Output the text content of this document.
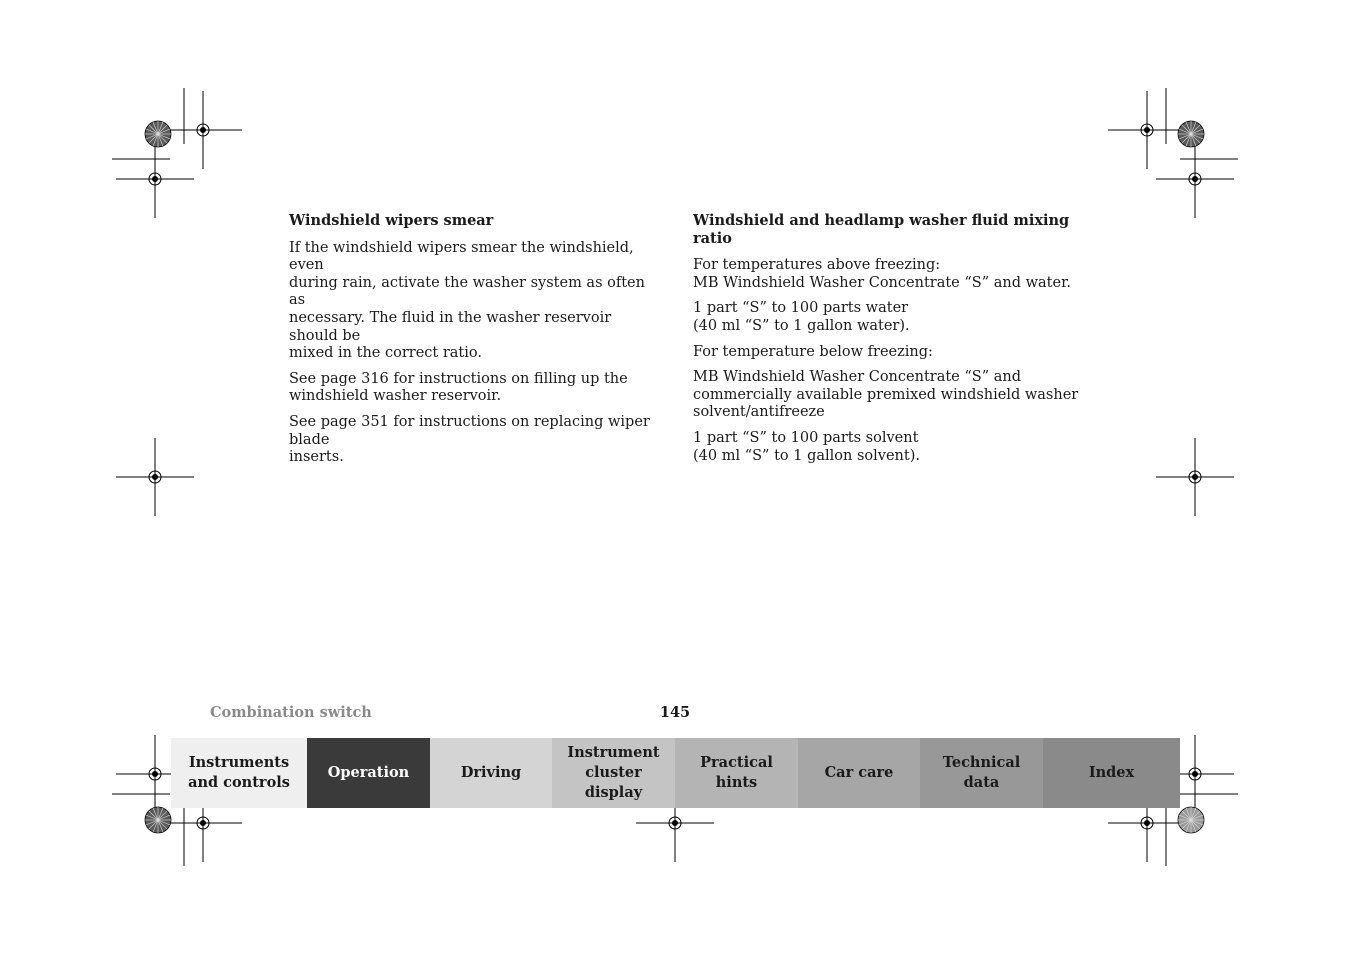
Windshield wipers smear

If the windshield wipers smear the windshield, even
during rain, activate the washer system as often as
necessary. The fluid in the washer reservoir should be
mixed in the correct ratio.

See page 316 for instructions on filling up the
windshield washer reservoir.

See page 351 for instructions on replacing wiper blade
inserts.

Windshield and headlamp washer fluid mixing ratio

For temperatures above freezing:
MB Windshield Washer Concentrate “S” and water.

1 part “S” to 100 parts water
(40 ml “S” to 1 gallon water).

For temperature below freezing:

MB Windshield Washer Concentrate “S” and
commercially available premixed windshield washer
solvent/antifreeze

1 part “S” to 100 parts solvent
(40 ml “S” to 1 gallon solvent).

Combination switch	145
Instruments
and controls
Operation	Driving
Instrument
cluster display
Practical hints
Car care
Technical
data
Index
